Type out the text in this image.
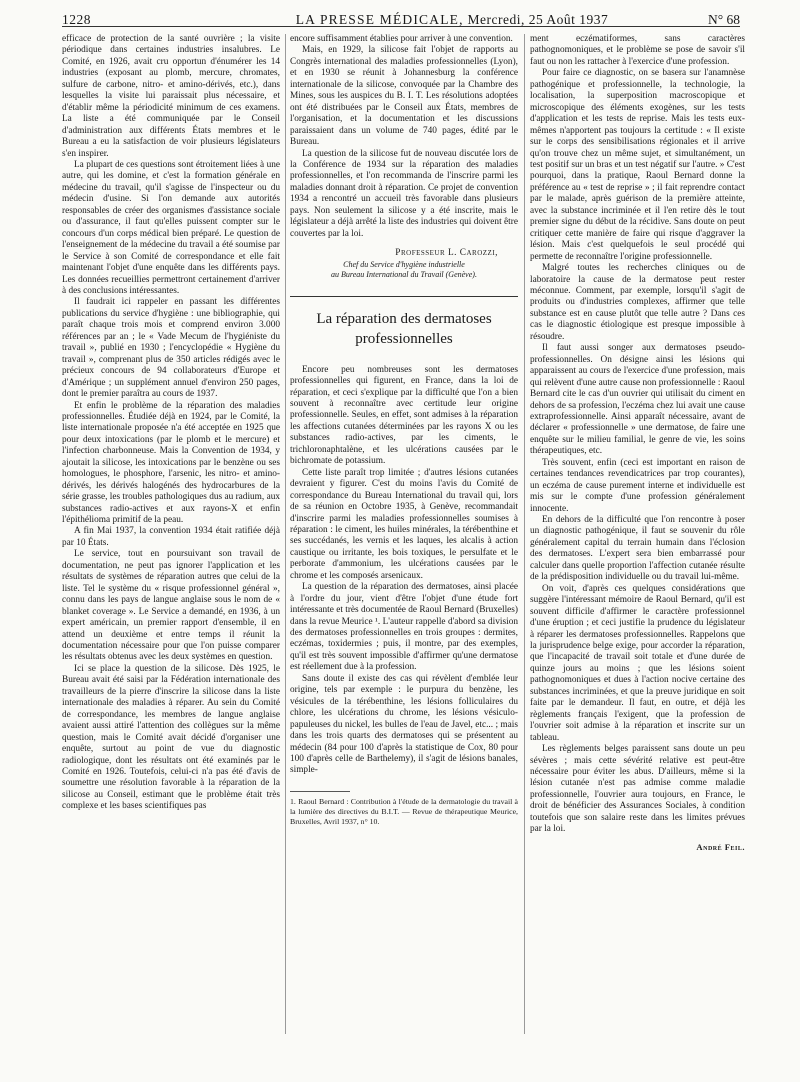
1228	LA PRESSE MÉDICALE, Mercredi, 25 Août 1937	N° 68

efficace de protection de la santé ouvrière ; la visite périodique dans certaines industries insalubres. Le Comité, en 1926, avait cru opportun d'énumérer les 14 industries (exposant au plomb, mercure, chromates, sulfure de carbone, nitro- et amino-dérivés, etc.), dans lesquelles la visite lui paraissait plus nécessaire, et d'établir même la périodicité minimum de ces examens. La liste a été communiquée par le Conseil d'administration aux différents États membres et le Bureau a eu la satisfaction de voir plusieurs législateurs s'en inspirer.

La plupart de ces questions sont étroitement liées à une autre, qui les domine, et c'est la formation générale en médecine du travail, qu'il s'agisse de l'inspecteur ou du médecin d'usine. Si l'on demande aux autorités responsables de créer des organismes d'assistance sociale ou d'assurance, il faut qu'elles puissent compter sur le concours d'un corps médical bien préparé. Le question de l'enseignement de la médecine du travail a été soumise par le Service à son Comité de correspondance et elle fait maintenant l'objet d'une enquête dans les différents pays. Les données recueillies permettront certainement d'arriver à des conclusions intéressantes.

Il faudrait ici rappeler en passant les différentes publications du service d'hygiène : une bibliographie, qui paraît chaque trois mois et comprend environ 3.000 références par an ; le « Vade Mecum de l'hygiéniste du travail », publié en 1930 ; l'encyclopédie « Hygiène du travail », comprenant plus de 350 articles rédigés avec le précieux concours de 94 collaborateurs d'Europe et d'Amérique ; un supplément annuel d'environ 250 pages, dont le premier paraîtra au cours de 1937.

Et enfin le problème de la réparation des maladies professionnelles. Étudiée déjà en 1924, par le Comité, la liste internationale proposée n'a été acceptée en 1925 que pour deux intoxications (par le plomb et le mercure) et l'infection charbonneuse. Mais la Convention de 1934, y ajoutait la silicose, les intoxications par le benzène ou ses homologues, le phosphore, l'arsenic, les nitro- et amino-dérivés, les dérivés halogénés des hydrocarbures de la série grasse, les troubles pathologiques dus au radium, aux substances radio-actives et aux rayons-X et enfin l'épithélioma primitif de la peau.

A fin Mai 1937, la convention 1934 était ratifiée déjà par 10 États.

Le service, tout en poursuivant son travail de documentation, ne peut pas ignorer l'application et les résultats de systèmes de réparation autres que celui de la liste. Tel le système du « risque professionnel général », connu dans les pays de langue anglaise sous le nom de « blanket coverage ». Le Service a demandé, en 1936, à un expert américain, un premier rapport d'ensemble, il en attend un deuxième et entre temps il réunit la documentation nécessaire pour que l'on puisse comparer les résultats obtenus avec les deux systèmes en question.

Ici se place la question de la silicose. Dès 1925, le Bureau avait été saisi par la Fédération internationale des travailleurs de la pierre d'inscrire la silicose dans la liste internationale des maladies à réparer. Au sein du Comité de correspondance, les membres de langue anglaise avaient aussi attiré l'attention des collègues sur la même question, mais le Comité avait décidé d'organiser une enquête, surtout au point de vue du diagnostic radiologique, dont les résultats ont été examinés par le Comité en 1926. Toutefois, celui-ci n'a pas été d'avis de soumettre une résolution favorable à la réparation de la silicose au Conseil, estimant que le problème était très complexe et les bases scientifiques pas

encore suffisamment établies pour arriver à une convention.

Mais, en 1929, la silicose fait l'objet de rapports au Congrès international des maladies professionnelles (Lyon), et en 1930 se réunit à Johannesburg la conférence internationale de la silicose, convoquée par la Chambre des Mines, sous les auspices du B. I. T. Les résolutions adoptées ont été distribuées par le Conseil aux États, membres de l'organisation, et la documentation et les discussions paraissaient dans un volume de 740 pages, édité par le Bureau.

La question de la silicose fut de nouveau discutée lors de la Conférence de 1934 sur la réparation des maladies professionnelles, et l'on recommanda de l'inscrire parmi les maladies donnant droit à réparation. Ce projet de convention 1934 a rencontré un accueil très favorable dans plusieurs pays. Non seulement la silicose y a été inscrite, mais le législateur a déjà arrêté la liste des industries qui doivent être couvertes par la loi.

Professeur L. Carozzi,
Chef du Service d'hygiène industrielle
au Bureau International du Travail (Genève).
La réparation des dermatoses professionnelles

Encore peu nombreuses sont les dermatoses professionnelles qui figurent, en France, dans la loi de réparation, et ceci s'explique par la difficulté que l'on a bien souvent à reconnaître avec certitude leur origine professionnelle. Seules, en effet, sont admises à la réparation les affections cutanées déterminées par les rayons X ou les substances radio-actives, par les ciments, le trichloronaphtalène, et les ulcérations causées par le bichromate de potassium.

Cette liste paraît trop limitée ; d'autres lésions cutanées devraient y figurer. C'est du moins l'avis du Comité de correspondance du Bureau International du travail qui, lors de sa réunion en Octobre 1935, à Genève, recommandait d'inscrire parmi les maladies professionnelles soumises à réparation : le ciment, les huiles minérales, la térébenthine et ses succédanés, les vernis et les laques, les alcalis à action caustique ou irritante, les bois toxiques, le persulfate et le perborate d'ammonium, les ulcérations causées par le chrome et les composés arsenicaux.

La question de la réparation des dermatoses, ainsi placée à l'ordre du jour, vient d'être l'objet d'une étude fort intéressante et très documentée de Raoul Bernard (Bruxelles) dans la revue Meurice ¹. L'auteur rappelle d'abord sa division des dermatoses professionnelles en trois groupes : dermites, eczémas, toxidermies ; puis, il montre, par des exemples, qu'il est très souvent impossible d'affirmer qu'une dermatose est réellement due à la profession.

Sans doute il existe des cas qui révèlent d'emblée leur origine, tels par exemple : le purpura du benzène, les vésicules de la térébenthine, les lésions folliculaires du chlore, les ulcérations du chrome, les lésions vésiculo-papuleuses du nickel, les bulles de l'eau de Javel, etc... ; mais dans les trois quarts des dermatoses qui se présentent au médecin (84 pour 100 d'après la statistique de Cox, 80 pour 100 d'après celle de Barthelemy), il s'agit de lésions banales, simple-

1. Raoul Bernard : Contribution à l'étude de la dermatologie du travail à la lumière des directives du B.I.T. — Revue de thérapeutique Meurice, Bruxelles, Avril 1937, n° 10.

ment eczématiformes, sans caractères pathognomoniques, et le problème se pose de savoir s'il faut ou non les rattacher à l'exercice d'une profession.

Pour faire ce diagnostic, on se basera sur l'anamnèse pathogénique et professionnelle, la technologie, la localisation, la superposition macroscopique et microscopique des éléments exogènes, sur les tests d'application et les tests de reprise. Mais les tests eux-mêmes n'apportent pas toujours la certitude : « Il existe sur le corps des sensibilisations régionales et il arrive qu'on trouve chez un même sujet, et simultanément, un test positif sur un bras et un test négatif sur l'autre. » C'est pourquoi, dans la pratique, Raoul Bernard donne la préférence au « test de reprise » ; il fait reprendre contact par le malade, après guérison de la première atteinte, avec la substance incriminée et il l'en retire dès le tout premier signe du début de la récidive. Sans doute on peut critiquer cette manière de faire qui risque d'aggraver la lésion. Mais c'est quelquefois le seul procédé qui permette de reconnaître l'origine professionnelle.

Malgré toutes les recherches cliniques ou de laboratoire la cause de la dermatose peut rester méconnue. Comment, par exemple, lorsqu'il s'agit de produits ou d'industries complexes, affirmer que telle substance est en cause plutôt que telle autre ? Dans ces cas le diagnostic étiologique est presque impossible à résoudre.

Il faut aussi songer aux dermatoses pseudo-professionnelles. On désigne ainsi les lésions qui apparaissent au cours de l'exercice d'une profession, mais qui relèvent d'une autre cause non professionnelle : Raoul Bernard cite le cas d'un ouvrier qui utilisait du ciment en dehors de sa profession, l'eczéma chez lui avait une cause extraprofessionnelle. Ainsi apparaît nécessaire, avant de déclarer « professionnelle » une dermatose, de faire une enquête sur le milieu familial, le genre de vie, les soins thérapeutiques, etc.

Très souvent, enfin (ceci est important en raison de certaines tendances revendicatrices par trop courantes), un eczéma de cause purement interne et individuelle est mis sur le compte d'une profession généralement innocente.

En dehors de la difficulté que l'on rencontre à poser un diagnostic pathogénique, il faut se souvenir du rôle généralement capital du terrain humain dans l'éclosion des dermatoses. L'expert sera bien embarrassé pour calculer dans quelle proportion l'affection cutanée résulte de la prédisposition individuelle ou du travail lui-même.

On voit, d'après ces quelques considérations que suggère l'intéressant mémoire de Raoul Bernard, qu'il est souvent difficile d'affirmer le caractère professionnel d'une éruption ; et ceci justifie la prudence du législateur à réparer les dermatoses professionnelles. Rappelons que la jurisprudence belge exige, pour accorder la réparation, que l'incapacité de travail soit totale et d'une durée de quinze jours au moins ; que les lésions soient pathognomoniques et dues à l'action nocive certaine des substances incriminées, et que la preuve juridique en soit faite par le demandeur. Il faut, en outre, et déjà les règlements français l'exigent, que la profession de l'ouvrier soit admise à la réparation et inscrite sur un tableau.

Les règlements belges paraissent sans doute un peu sévères ; mais cette sévérité relative est peut-être nécessaire pour éviter les abus. D'ailleurs, même si la lésion cutanée n'est pas admise comme maladie professionnelle, l'ouvrier aura toujours, en France, le droit de bénéficier des Assurances Sociales, à condition toutefois que son salaire reste dans les limites prévues par la loi.

André Feil.
